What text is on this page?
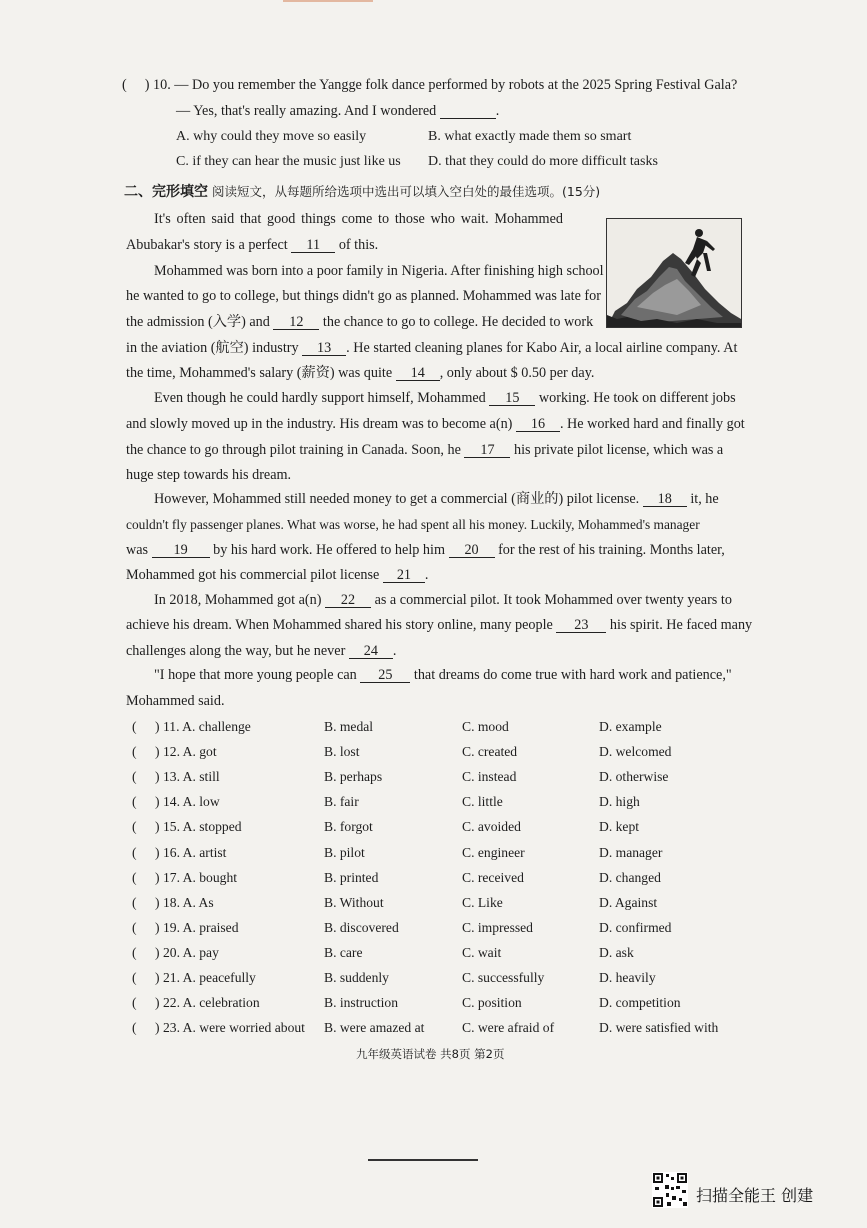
( ) 10. — Do you remember the Yangge folk dance performed by robots at the 2025 Spring Festival Gala?
— Yes, that's really amazing. And I wondered	.
A. why could they move so easily	B. what exactly made them so smart
C. if they can hear the music just like us D. that they could do more difficult tasks
二、完形填空 阅读短文，从每题所给选项中选出可以填入空白处的最佳选项。(15分)
It's often said that good things come to those who wait. Mohammed
Abubakar's story is a perfect 11 of this.
Mohammed was born into a poor family in Nigeria. After finishing high school
he wanted to go to college, but things didn't go as planned. Mohammed was late for
the admission (入学) and 12 the chance to go to college. He decided to work
in the aviation (航空) industry 13 . He started cleaning planes for Kabo Air, a local airline company. At
the time, Mohammed's salary (薪资) was quite 14 , only about $ 0.50 per day.
Even though he could hardly support himself, Mohammed 15 working. He took on different jobs
and slowly moved up in the industry. His dream was to become a(n) 16 . He worked hard and finally got
the chance to go through pilot training in Canada. Soon, he 17 his private pilot license, which was a
huge step towards his dream.
However, Mohammed still needed money to get a commercial (商业的) pilot license. 18 it, he
couldn't fly passenger planes. What was worse, he had spent all his money. Luckily, Mohammed's manager
was 19 by his hard work. He offered to help him 20 for the rest of his training. Months later,
Mohammed got his commercial pilot license 21 .
In 2018, Mohammed got a(n) 22 as a commercial pilot. It took Mohammed over twenty years to
achieve his dream. When Mohammed shared his story online, many people 23 his spirit. He faced many
challenges along the way, but he never 24 .
"I hope that more young people can 25 that dreams do come true with hard work and patience,"
Mohammed said.
( ) 11. A. challenge	B. medal	C. mood	D. example
( ) 12. A. got	B. lost	C. created	D. welcomed
( ) 13. A. still	B. perhaps	C. instead	D. otherwise
( ) 14. A. low	B. fair	C. little	D. high
( ) 15. A. stopped	B. forgot	C. avoided	D. kept
( ) 16. A. artist	B. pilot	C. engineer	D. manager
( ) 17. A. bought	B. printed	C. received	D. changed
( ) 18. A. As	B. Without	C. Like	D. Against
( ) 19. A. praised	B. discovered	C. impressed	D. confirmed
( ) 20. A. pay	B. care	C. wait	D. ask
( ) 21. A. peacefully	B. suddenly	C. successfully	D. heavily
( ) 22. A. celebration	B. instruction	C. position	D. competition
( ) 23. A. were worried about B. were amazed at	C. were afraid of	D. were satisfied with
九年级英语试卷 共8页 第2页
扫描全能王 创建
